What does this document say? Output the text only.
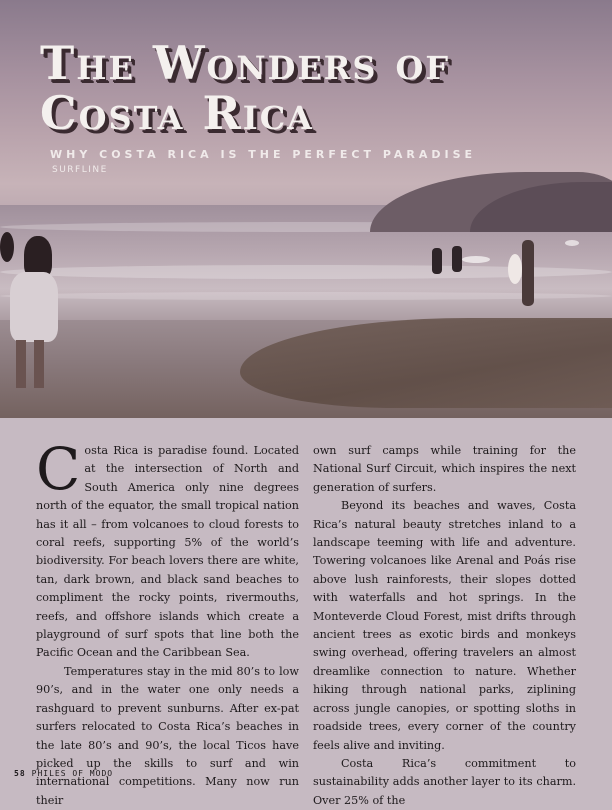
The Wonders of
Costa Rica

WHY COSTA RICA IS THE PERFECT PARADISE

SURFLINE

Costa Rica is paradise found. Located at the intersection of North and South America only nine degrees north of the equator, the small tropical nation has it all – from volcanoes to cloud forests to coral reefs, supporting 5% of the world’s biodiversity. For beach lovers there are white, tan, dark brown, and black sand beaches to compliment the rocky points, rivermouths, reefs, and offshore islands which create a playground of surf spots that line both the Pacific Ocean and the Caribbean Sea.

Temperatures stay in the mid 80’s to low 90’s, and in the water one only needs a rashguard to prevent sunburns. After ex-pat surfers relocated to Costa Rica’s beaches in the late 80’s and 90’s, the local Ticos have picked up the skills to surf and win international competitions. Many now run their

own surf camps while training for the National Surf Circuit, which inspires the next generation of surfers.

Beyond its beaches and waves, Costa Rica’s natural beauty stretches inland to a landscape teeming with life and adventure. Towering volcanoes like Arenal and Poás rise above lush rainforests, their slopes dotted with waterfalls and hot springs. In the Monteverde Cloud Forest, mist drifts through ancient trees as exotic birds and monkeys swing overhead, offering travelers an almost dreamlike connection to nature. Whether hiking through national parks, ziplining across jungle canopies, or spotting sloths in roadside trees, every corner of the country feels alive and inviting.

Costa Rica’s commitment to sustainability adds another layer to its charm. Over 25% of the

58 PHILES OF MODO
